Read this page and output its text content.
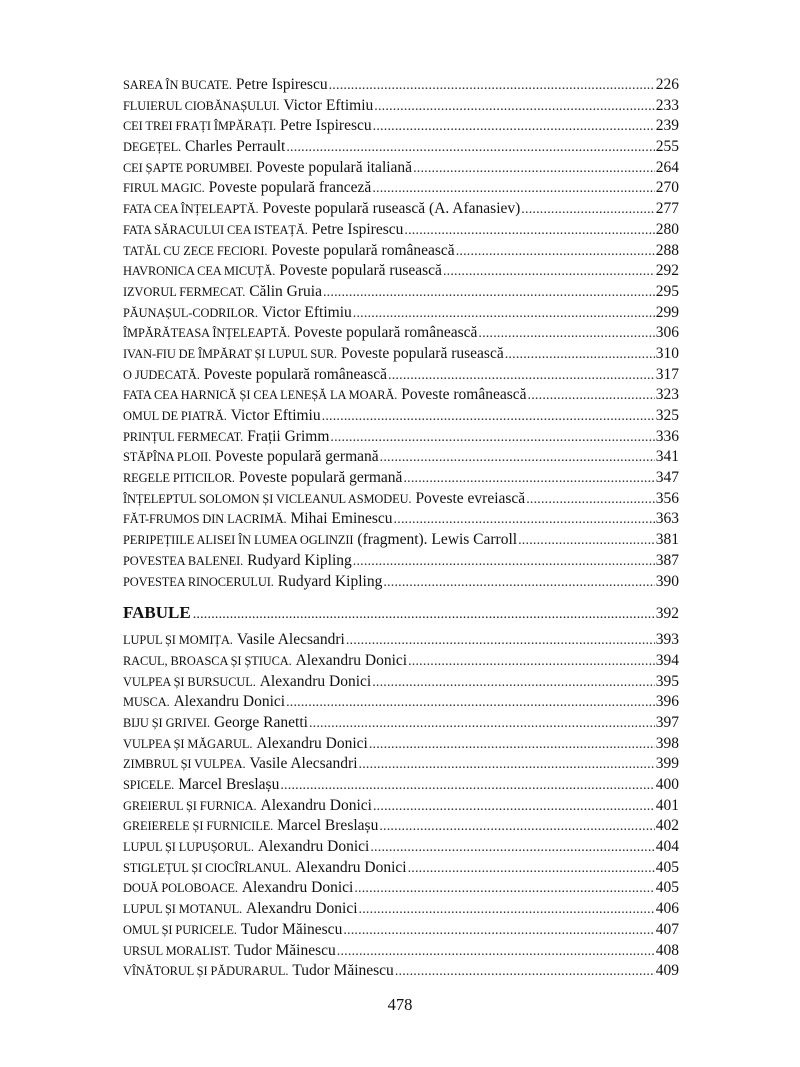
SAREA ÎN BUCATE. Petre Ispirescu .....	226
FLUIERUL CIOBĂNAȘULUI. Victor Eftimiu .....	233
CEI TREI FRAȚI ÎMPĂRAȚI. Petre Ispirescu .....	239
DEGEȚEL. Charles Perrault .....	255
CEI ȘAPTE PORUMBEI. Poveste populară italiană .....	264
FIRUL MAGIC. Poveste populară franceză .....	270
FATA CEA ÎNȚELEAPTĂ. Poveste populară rusească (A. Afanasiev) .....	277
FATA SĂRACULUI CEA ISTEAȚĂ. Petre Ispirescu .....	280
TATĂL CU ZECE FECIORI. Poveste populară românească .....	288
HAVRONICA CEA MICUȚĂ. Poveste populară rusească .....	292
IZVORUL FERMECAT. Călin Gruia .....	295
PĂUNAȘUL-CODRILOR. Victor Eftimiu .....	299
ÎMPĂRĂTEASA ÎNȚELEAPTĂ. Poveste populară românească .....	306
IVAN-FIU DE ÎMPĂRAT ȘI LUPUL SUR. Poveste populară rusească .....	310
O JUDECATĂ. Poveste populară românească .....	317
FATA CEA HARNICĂ ȘI CEA LENEȘĂ LA MOARĂ. Poveste românească .....	323
OMUL DE PIATRĂ. Victor Eftimiu .....	325
PRINȚUL FERMECAT. Frații Grimm .....	336
STĂPÎNA PLOII. Poveste populară germană .....	341
REGELE PITICILOR. Poveste populară germană .....	347
ÎNȚELEPTUL SOLOMON ȘI VICLEANUL ASMODEU. Poveste evreiască .....	356
FĂT-FRUMOS DIN LACRIMĂ. Mihai Eminescu .....	363
PERIPEȚIILE ALISEI ÎN LUMEA OGLINZII (fragment). Lewis Carroll .....	381
POVESTEA BALENEI. Rudyard Kipling .....	387
POVESTEA RINOCERULUI. Rudyard Kipling .....	390
FABULE .....	392
LUPUL ȘI MOMIȚA. Vasile Alecsandri .....	393
RACUL, BROASCA ȘI ȘTIUCA. Alexandru Donici .....	394
VULPEA ȘI BURSUCUL. Alexandru Donici .....	395
MUSCA. Alexandru Donici .....	396
BIJU ȘI GRIVEI. George Ranetti .....	397
VULPEA ȘI MĂGARUL. Alexandru Donici .....	398
ZIMBRUL ȘI VULPEA. Vasile Alecsandri .....	399
SPICELE. Marcel Breslașu .....	400
GREIERUL ȘI FURNICA. Alexandru Donici .....	401
GREIERELE ȘI FURNICILE. Marcel Breslașu .....	402
LUPUL ȘI LUPUȘORUL. Alexandru Donici .....	404
STIGLEȚUL ȘI CIOCÎRLANUL. Alexandru Donici .....	405
DOUĂ POLOBOACE. Alexandru Donici .....	405
LUPUL ȘI MOTANUL. Alexandru Donici .....	406
OMUL ȘI PURICELE. Tudor Măinescu .....	407
URSUL MORALIST. Tudor Măinescu .....	408
VÎNĂTORUL ȘI PĂDURARUL. Tudor Măinescu .....	409
478
